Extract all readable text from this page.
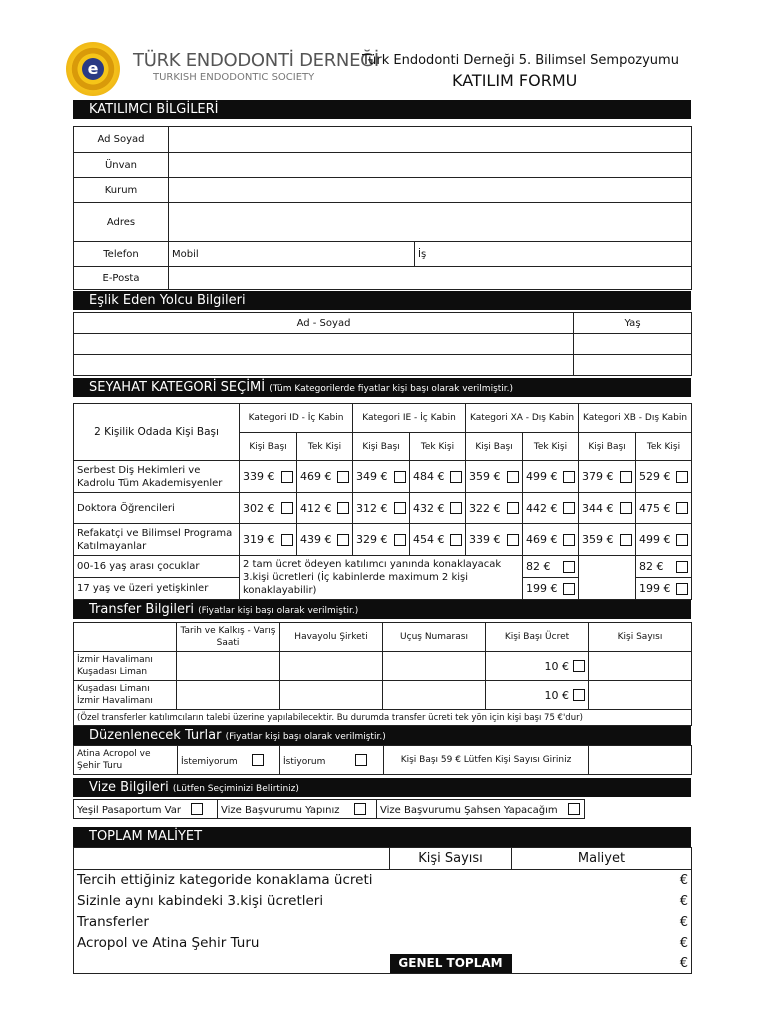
e	TÜRK ENDODONTİ DERNEĞİ
TURKISH ENDODONTIC SOCIETY
Türk Endodonti Derneği 5. Bilimsel Sempozyumu
KATILIM FORMU
KATILIMCI BİLGİLERİ
Ad Soyad		
Ünvan		
Kurum		
Adres		
Telefon	Mobil	İş
E-Posta		
Eşlik Eden Yolcu Bilgileri
Ad - Soyad	Yaş

SEYAHAT KATEGORİ SEÇİMİ (Tüm Kategorilerde fiyatlar kişi başı olarak verilmiştir.)
2 Kişilik Odada Kişi Başı	Kategori ID - İç Kabin		Kategori IE - İç Kabin		Kategori XA - Dış Kabin		Kategori XB - Dış Kabin	
	Kişi Başı	Tek Kişi	Kişi Başı	Tek Kişi	Kişi Başı	Tek Kişi	Kişi Başı	Tek Kişi
Serbest Diş Hekimleri ve Kadrolu Tüm Akademisyenler	339 €	469 €	349 €	484 €	359 €	499 €	379 €	529 €

Doktora Öğrencileri	302 €	412 €	312 €	432 €	322 €	442 €	344 €	475 €

Refakatçi ve Bilimsel Programa Katılmayanlar	319 €	439 €	329 €	454 €	339 €	469 €	359 €	499 €

00-16 yaş arası çocuklar	2 tam ücret ödeyen katılımcı yanında konaklayacak 3.kişi ücretleri (İç kabinlerde maximum 2 kişi konaklayabilir)					82 €		82 €

17 yaş ve üzeri yetişkinler						199 €		199 €
Transfer Bilgileri (Fiyatlar kişi başı olarak verilmiştir.)
	Tarih ve Kalkış - Varış Saati	Havayolu Şirketi	Uçuş Numarası	Kişi Başı Ücret	Kişi Sayısı
İzmir Havalimanı Kuşadası Liman				10 €	
Kuşadası Limanı İzmir Havalimanı				10 €	
(Özel transferler katılımcıların talebi üzerine yapılabilecektir. Bu durumda transfer ücreti tek yön için kişi başı 75 €'dur)					
Düzenlenecek Turlar (Fiyatlar kişi başı olarak verilmiştir.)
Atina Acropol ve Şehir Turu	İstemiyorum	İstiyorum	Kişi Başı 59 € Lütfen Kişi Sayısı Giriniz	
Vize Bilgileri (Lütfen Seçiminizi Belirtiniz)
Yeşil Pasaportum Var	Vize Başvurumu Yapınız	Vize Başvurumu Şahsen Yapacağım
TOPLAM MALİYET
	Kişi Sayısı	Maliyet
Tercih ettiğiniz kategoride konaklama ücreti		€
Sizinle aynı kabindeki 3.kişi ücretleri		€
Transferler		€
Acropol ve Atina Şehir Turu		€
	GENEL TOPLAM	€
